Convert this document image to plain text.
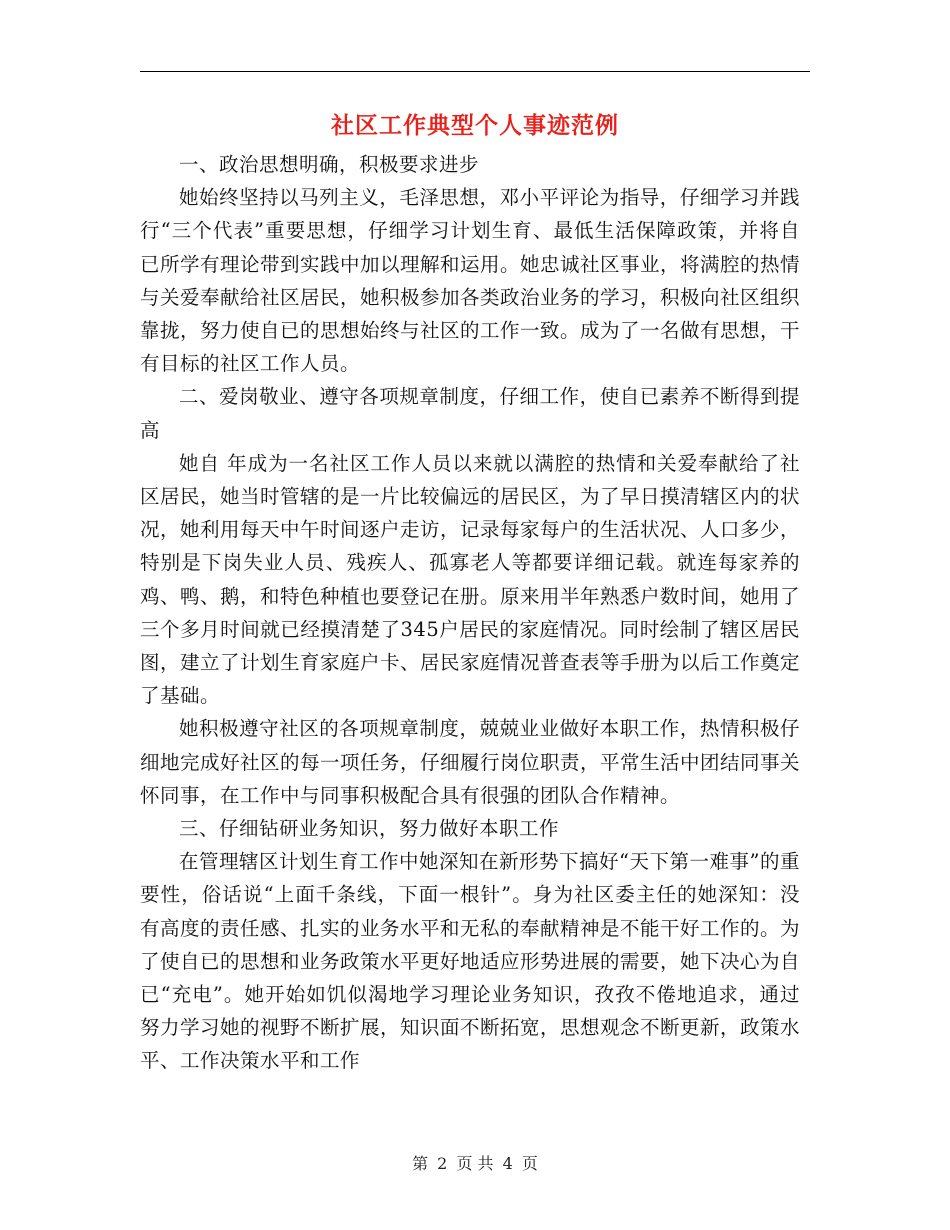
社区工作典型个人事迹范例

一、政治思想明确，积极要求进步

她始终坚持以马列主义，毛泽思想，邓小平评论为指导，仔细学习并践行“三个代表”重要思想，仔细学习计划生育、最低生活保障政策，并将自已所学有理论带到实践中加以理解和运用。她忠诚社区事业，将满腔的热情与关爱奉献给社区居民，她积极参加各类政治业务的学习，积极向社区组织靠拢，努力使自已的思想始终与社区的工作一致。成为了一名做有思想，干有目标的社区工作人员。

二、爱岗敬业、遵守各项规章制度，仔细工作，使自已素养不断得到提高

她自 年成为一名社区工作人员以来就以满腔的热情和关爱奉献给了社区居民，她当时管辖的是一片比较偏远的居民区，为了早日摸清辖区内的状况，她利用每天中午时间逐户走访，记录每家每户的生活状况、人口多少，特别是下岗失业人员、残疾人、孤寡老人等都要详细记载。就连每家养的鸡、鸭、鹅，和特色种植也要登记在册。原来用半年熟悉户数时间，她用了三个多月时间就已经摸清楚了345户居民的家庭情况。同时绘制了辖区居民图，建立了计划生育家庭户卡、居民家庭情况普查表等手册为以后工作奠定了基础。

她积极遵守社区的各项规章制度，兢兢业业做好本职工作，热情积极仔细地完成好社区的每一项任务，仔细履行岗位职责，平常生活中团结同事关怀同事，在工作中与同事积极配合具有很强的团队合作精神。

三、仔细钻研业务知识，努力做好本职工作

在管理辖区计划生育工作中她深知在新形势下搞好“天下第一难事”的重要性，俗话说“上面千条线，下面一根针”。身为社区委主任的她深知：没有高度的责任感、扎实的业务水平和无私的奉献精神是不能干好工作的。为了使自已的思想和业务政策水平更好地适应形势进展的需要，她下决心为自已“充电”。她开始如饥似渴地学习理论业务知识，孜孜不倦地追求，通过努力学习她的视野不断扩展，知识面不断拓宽，思想观念不断更新，政策水平、工作决策水平和工作

第 2 页 共 4 页
